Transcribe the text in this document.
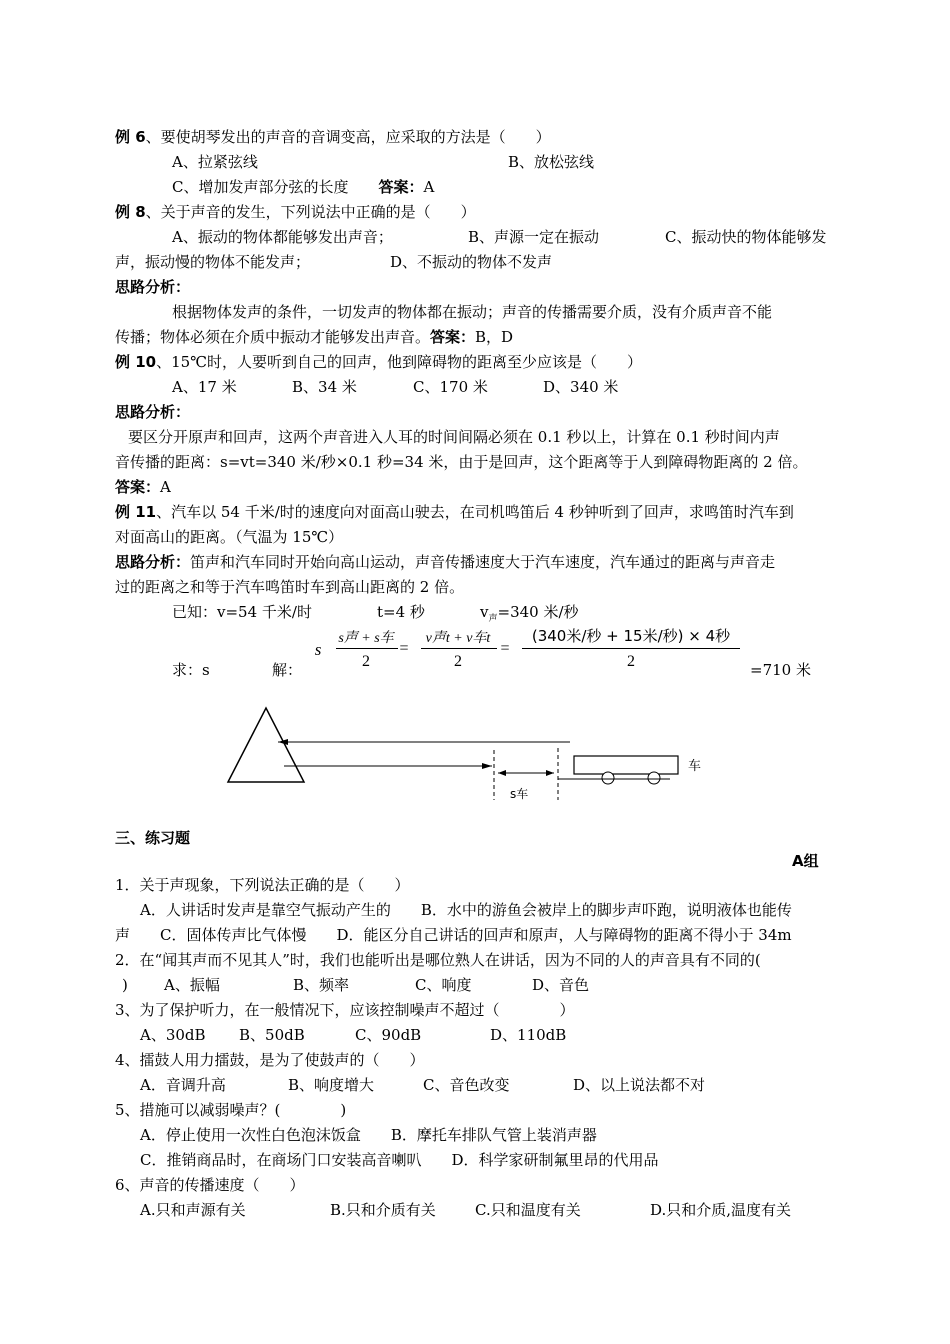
例 6、要使胡琴发出的声音的音调变高，应采取的方法是（　　）
A、拉紧弦线	B、放松弦线
C、增加发声部分弦的长度　　 答案：A
例 8、关于声音的发生，下列说法中正确的是（　　）
A、振动的物体都能够发出声音；	B、声源一定在振动	C、振动快的物体能够发
声，振动慢的物体不能发声；	D、不振动的物体不发声
思路分析：
根据物体发声的条件，一切发声的物体都在振动；声音的传播需要介质，没有介质声音不能
传播；物体必须在介质中振动才能够发出声音。答案：B，D
例 10、15℃时，人要听到自己的回声，他到障碍物的距离至少应该是（　　）
A、17 米	B、34 米	C、170 米	D、340 米
思路分析：
要区分开原声和回声，这两个声音进入人耳的时间间隔必须在 0.1 秒以上，计算在 0.1 秒时间内声
音传播的距离：s=vt=340 米/秒×0.1 秒=34 米，由于是回声，这个距离等于人到障碍物距离的 2 倍。
答案：A
例 11、汽车以 54 千米/时的速度向对面高山驶去，在司机鸣笛后 4 秒钟听到了回声，求鸣笛时汽车到
对面高山的距离。（气温为 15℃）
思路分析：笛声和汽车同时开始向高山运动，声音传播速度大于汽车速度，汽车通过的距离与声音走
过的距离之和等于汽车鸣笛时车到高山距离的 2 倍。
已知：v=54 千米/时	t=4 秒	$v_声=340$ 米/秒
s	=	=
s声 + s车
2
v声t + v车t
2
(340米/秒 + 15米/秒) × 4秒
2
求：s	解：	=710 米
车
s车
三、练习题
A组
1．关于声现象，下列说法正确的是（　　）
A．人讲话时发声是靠空气振动产生的　　B．水中的游鱼会被岸上的脚步声吓跑，说明液体也能传
声　　C．固体传声比气体慢　　D．能区分自己讲话的回声和原声，人与障碍物的距离不得小于 34m
2．在“闻其声而不见其人”时，我们也能听出是哪位熟人在讲话，因为不同的人的声音具有不同的(
) A、振幅	B、频率	C、响度	D、音色
3、为了保护听力，在一般情况下，应该控制噪声不超过（　　　　）
A、30dB B、50dB	C、90dB	D、110dB
4、擂鼓人用力擂鼓，是为了使鼓声的（　　）
A．音调升高	B、响度增大	C、音色改变	D、以上说法都不对
5、措施可以减弱噪声？(　　　　)
A．停止使用一次性白色泡沫饭盒　　B．摩托车排队气管上装消声器
C．推销商品时，在商场门口安装高音喇叭　　D．科学家研制氟里昂的代用品
6、声音的传播速度（　　）
A.只和声源有关	B.只和介质有关	C.只和温度有关	D.只和介质,温度有关
